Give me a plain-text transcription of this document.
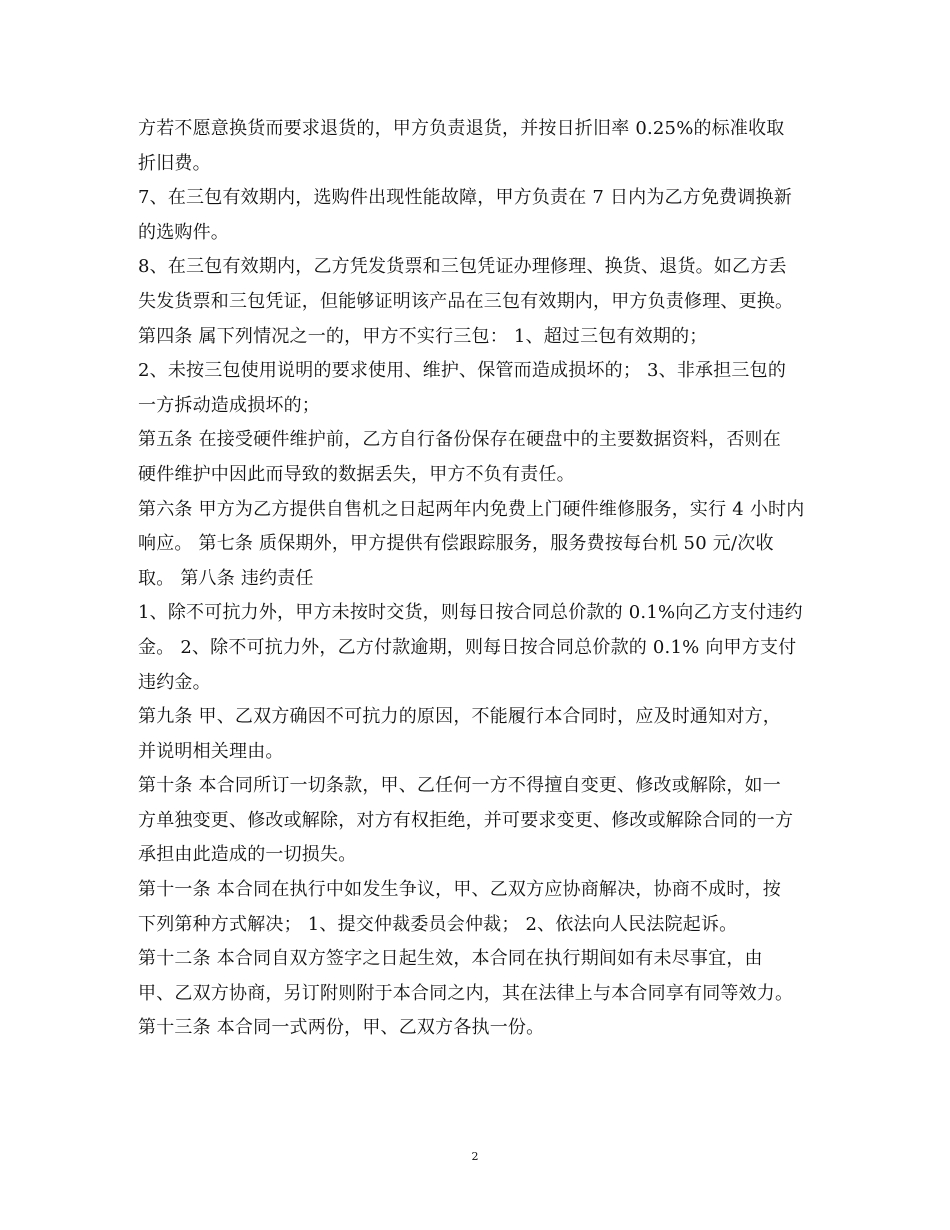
方若不愿意换货而要求退货的，甲方负责退货，并按日折旧率 0.25%的标准收取
折旧费。
7、在三包有效期内，选购件出现性能故障，甲方负责在 7 日内为乙方免费调换新
的选购件。
8、在三包有效期内，乙方凭发货票和三包凭证办理修理、换货、退货。如乙方丢
失发货票和三包凭证，但能够证明该产品在三包有效期内，甲方负责修理、更换。
第四条 属下列情况之一的，甲方不实行三包： 1、超过三包有效期的；
2、未按三包使用说明的要求使用、维护、保管而造成损坏的； 3、非承担三包的
一方拆动造成损坏的；
第五条 在接受硬件维护前，乙方自行备份保存在硬盘中的主要数据资料，否则在
硬件维护中因此而导致的数据丢失，甲方不负有责任。
第六条 甲方为乙方提供自售机之日起两年内免费上门硬件维修服务，实行 4 小时内
响应。 第七条 质保期外，甲方提供有偿跟踪服务，服务费按每台机 50 元/次收
取。 第八条 违约责任
1、除不可抗力外，甲方未按时交货，则每日按合同总价款的 0.1%向乙方支付违约
金。 2、除不可抗力外，乙方付款逾期，则每日按合同总价款的 0.1% 向甲方支付
违约金。
第九条 甲、乙双方确因不可抗力的原因，不能履行本合同时，应及时通知对方，
并说明相关理由。
第十条 本合同所订一切条款，甲、乙任何一方不得擅自变更、修改或解除，如一
方单独变更、修改或解除，对方有权拒绝，并可要求变更、修改或解除合同的一方
承担由此造成的一切损失。
第十一条 本合同在执行中如发生争议，甲、乙双方应协商解决，协商不成时，按
下列第种方式解决； 1、提交仲裁委员会仲裁； 2、依法向人民法院起诉。
第十二条 本合同自双方签字之日起生效，本合同在执行期间如有未尽事宜，由
甲、乙双方协商，另订附则附于本合同之内，其在法律上与本合同享有同等效力。
第十三条 本合同一式两份，甲、乙双方各执一份。
2
